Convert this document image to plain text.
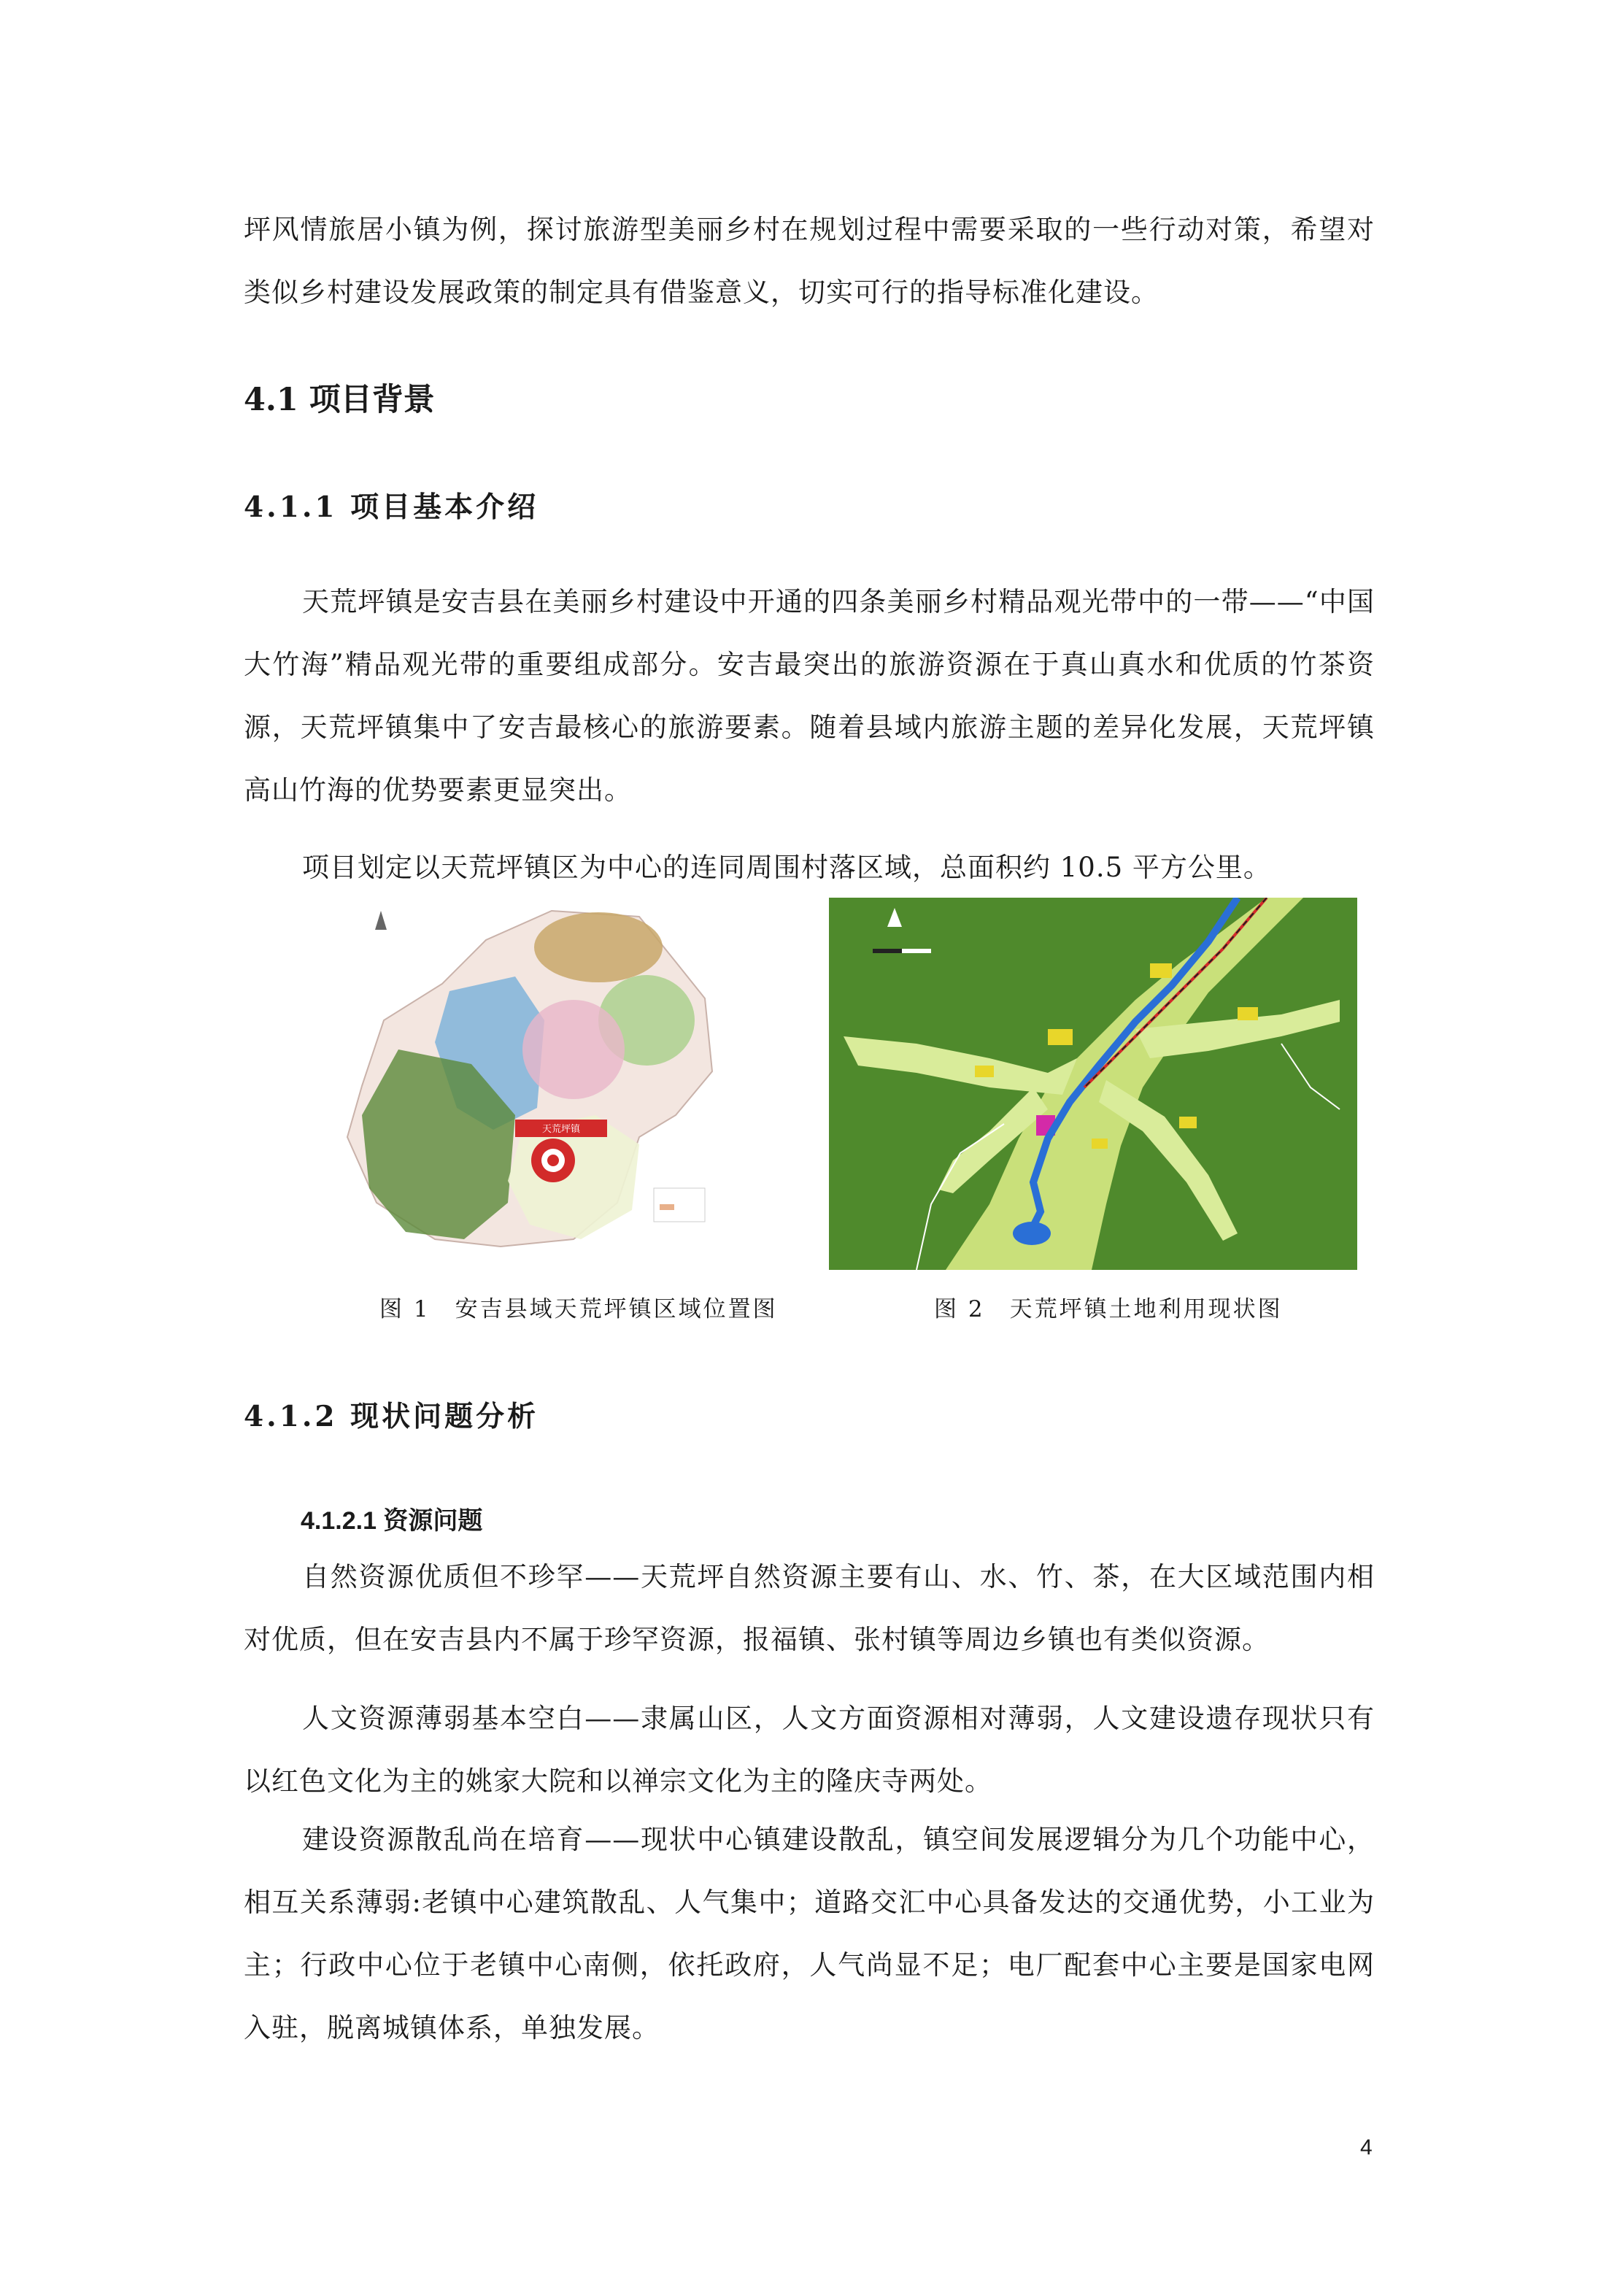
坪风情旅居小镇为例，探讨旅游型美丽乡村在规划过程中需要采取的一些行动对策，希望对类似乡村建设发展政策的制定具有借鉴意义，切实可行的指导标准化建设。

4.1 项目背景
4.1.1 项目基本介绍

天荒坪镇是安吉县在美丽乡村建设中开通的四条美丽乡村精品观光带中的一带——“中国大竹海”精品观光带的重要组成部分。安吉最突出的旅游资源在于真山真水和优质的竹茶资源，天荒坪镇集中了安吉最核心的旅游要素。随着县域内旅游主题的差异化发展，天荒坪镇高山竹海的优势要素更显突出。

项目划定以天荒坪镇区为中心的连同周围村落区域，总面积约 10.5 平方公里。

天荒坪镇

图 1　安吉县域天荒坪镇区域位置图	图 2　天荒坪镇土地利用现状图

4.1.2 现状问题分析
4.1.2.1 资源问题

自然资源优质但不珍罕——天荒坪自然资源主要有山、水、竹、茶，在大区域范围内相对优质，但在安吉县内不属于珍罕资源，报福镇、张村镇等周边乡镇也有类似资源。

人文资源薄弱基本空白——隶属山区，人文方面资源相对薄弱，人文建设遗存现状只有以红色文化为主的姚家大院和以禅宗文化为主的隆庆寺两处。

建设资源散乱尚在培育——现状中心镇建设散乱，镇空间发展逻辑分为几个功能中心，相互关系薄弱:老镇中心建筑散乱、人气集中；道路交汇中心具备发达的交通优势，小工业为主；行政中心位于老镇中心南侧，依托政府，人气尚显不足；电厂配套中心主要是国家电网入驻，脱离城镇体系，单独发展。

4
